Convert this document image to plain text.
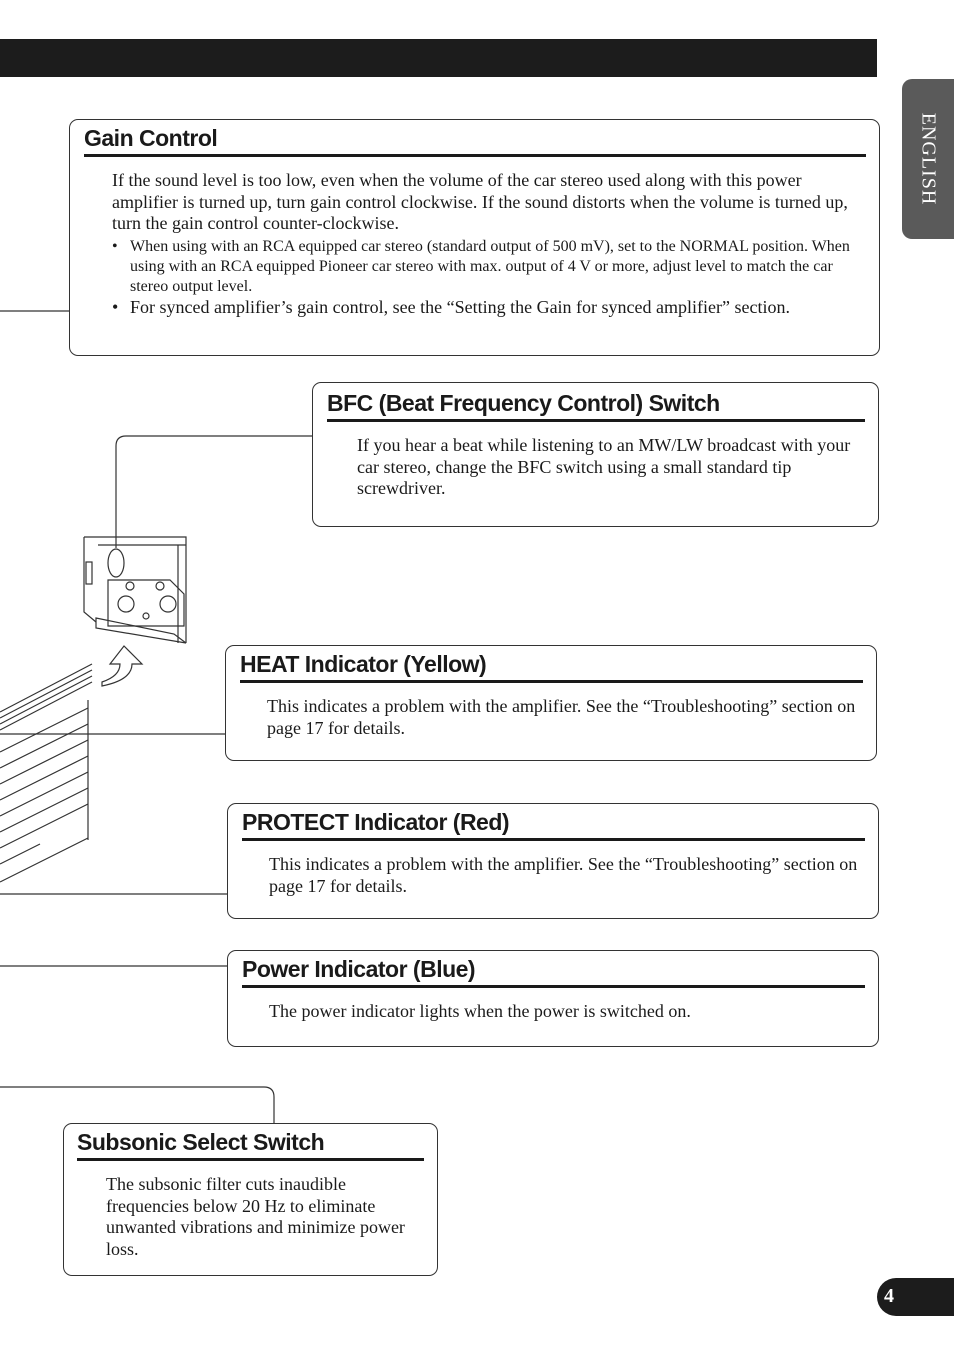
ENGLISH
Gain Control

If the sound level is too low, even when the volume of the car stereo used along with this power amplifier is turned up, turn gain control clockwise. If the sound distorts when the volume is turned up, turn the gain control counter-clockwise.

• When using with an RCA equipped car stereo (standard output of 500 mV), set to the NORMAL position. When using with an RCA equipped Pioneer car stereo with max. output of 4 V or more, adjust level to match the car stereo output level.
• For synced amplifier’s gain control, see the “Setting the Gain for synced amplifier” section.
BFC (Beat Frequency Control) Switch

If you hear a beat while listening to an MW/LW broadcast with your car stereo, change the BFC switch using a small standard tip screwdriver.

HEAT Indicator (Yellow)

This indicates a problem with the amplifier. See the “Troubleshooting” section on page 17 for details.

PROTECT Indicator (Red)

This indicates a problem with the amplifier. See the “Troubleshooting” section on page 17 for details.

Power Indicator (Blue)

The power indicator lights when the power is switched on.

Subsonic Select Switch

The subsonic filter cuts inaudible frequencies below 20 Hz to eliminate unwanted vibrations and minimize power loss.

4
